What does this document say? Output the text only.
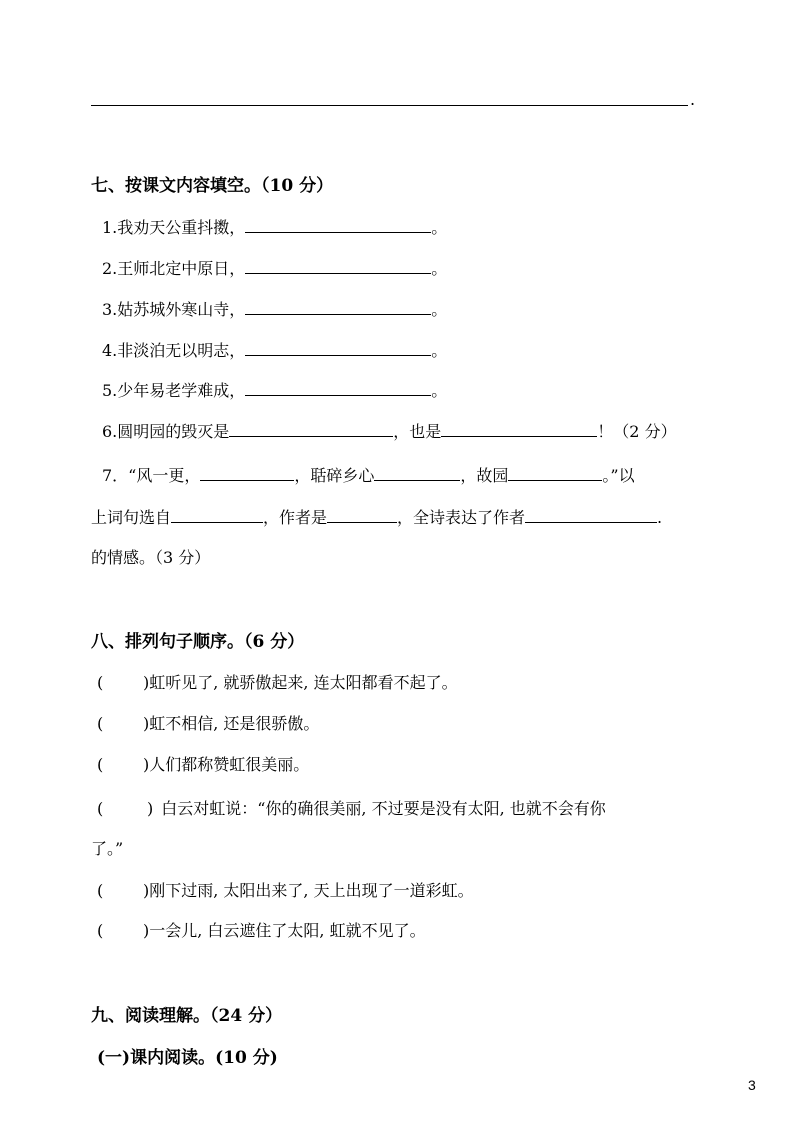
.
七、按课文内容填空。（10 分）
1.我劝天公重抖擞，	。
2.王师北定中原日，	。
3.姑苏城外寒山寺，	。
4.非淡泊无以明志，	。
5.少年易老学难成，	。
6.圆明园的毁灭是	，也是	！（2 分）
7．“风一更，	，聒碎乡心	，故园	。”以
上词句选自	，作者是	，全诗表达了作者	.
的情感。（3 分）
八、排列句子顺序。（6 分）
( )虹听见了, 就骄傲起来, 连太阳都看不起了。
( )虹不相信, 还是很骄傲。
( )人们都称赞虹很美丽。
(	) 白云对虹说：“你的确很美丽, 不过要是没有太阳, 也就不会有你
了。”
( )刚下过雨, 太阳出来了, 天上出现了一道彩虹。
( )一会儿, 白云遮住了太阳, 虹就不见了。
九、阅读理解。（24 分）
(一)课内阅读。(10 分)
3
